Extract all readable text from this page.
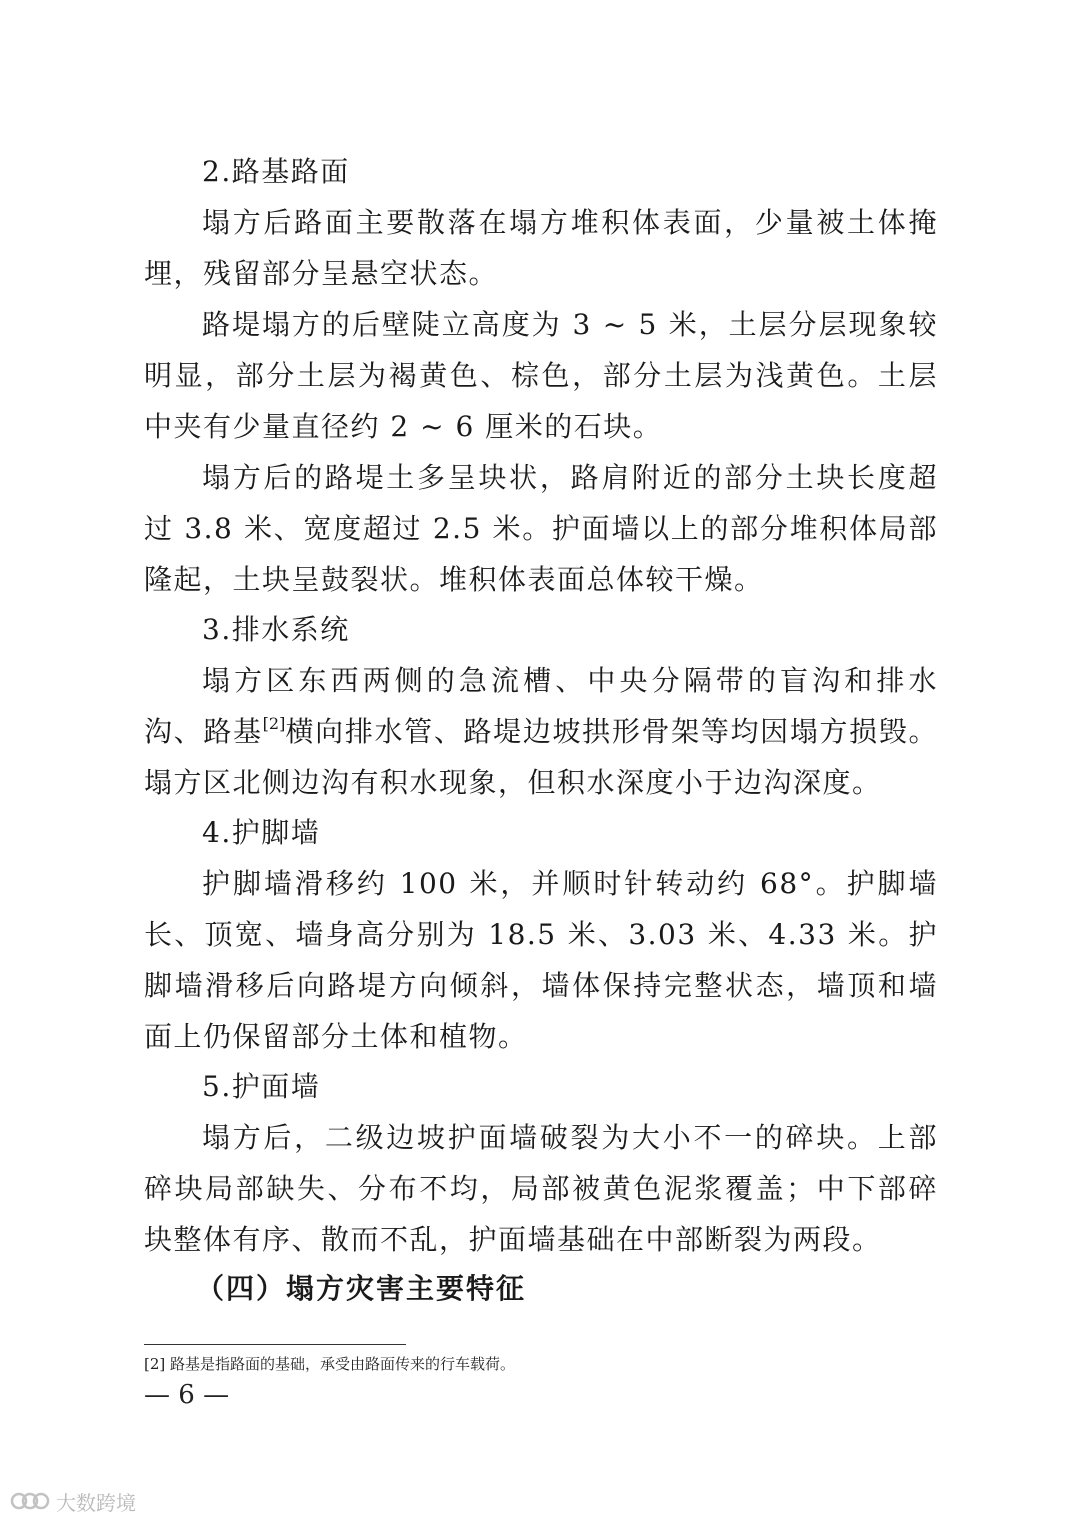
2.路基路面
塌方后路面主要散落在塌方堆积体表面，少量被土体掩埋，残留部分呈悬空状态。
路堤塌方的后壁陡立高度为 3 ~ 5 米，土层分层现象较明显，部分土层为褐黄色、棕色，部分土层为浅黄色。土层中夹有少量直径约 2 ~ 6 厘米的石块。
塌方后的路堤土多呈块状，路肩附近的部分土块长度超过 3.8 米、宽度超过 2.5 米。护面墙以上的部分堆积体局部隆起，土块呈鼓裂状。堆积体表面总体较干燥。
3.排水系统
塌方区东西两侧的急流槽、中央分隔带的盲沟和排水沟、路基[2]横向排水管、路堤边坡拱形骨架等均因塌方损毁。塌方区北侧边沟有积水现象，但积水深度小于边沟深度。
4.护脚墙
护脚墙滑移约 100 米，并顺时针转动约 68°。护脚墙长、顶宽、墙身高分别为 18.5 米、3.03 米、4.33 米。护脚墙滑移后向路堤方向倾斜，墙体保持完整状态，墙顶和墙面上仍保留部分土体和植物。
5.护面墙
塌方后，二级边坡护面墙破裂为大小不一的碎块。上部碎块局部缺失、分布不均，局部被黄色泥浆覆盖；中下部碎块整体有序、散而不乱，护面墙基础在中部断裂为两段。
（四）塌方灾害主要特征
[2] 路基是指路面的基础，承受由路面传来的行车载荷。
— 6 —
大数跨境
